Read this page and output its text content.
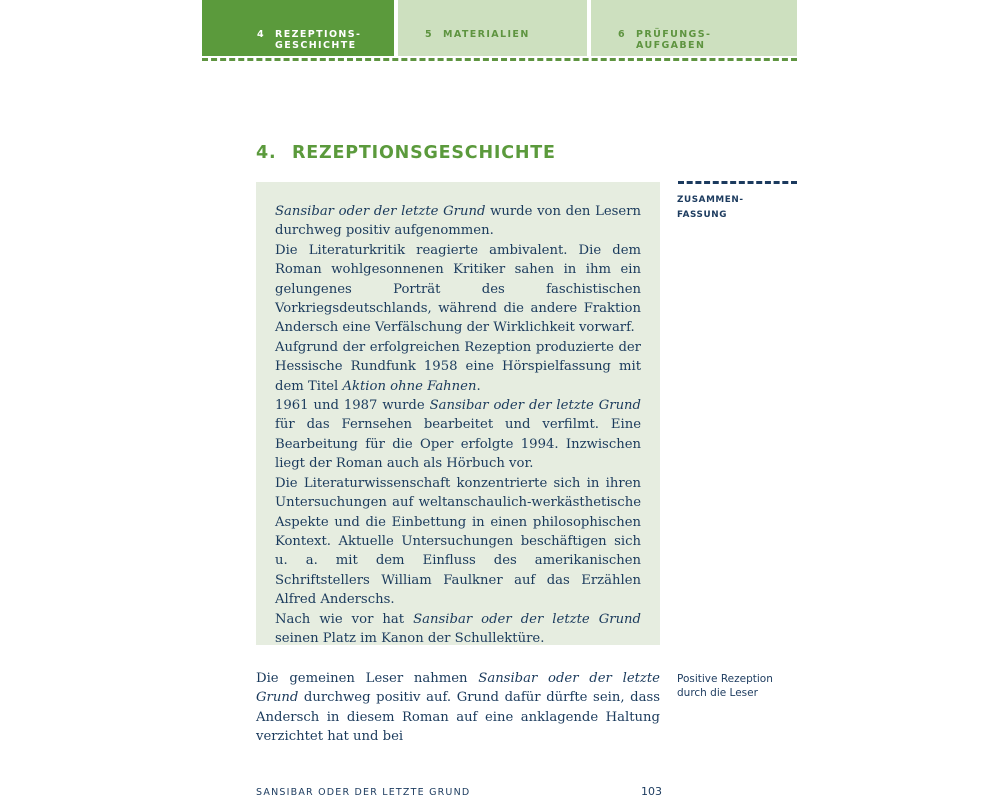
4 REZEPTIONS-
GESCHICHTE
5 MATERIALIEN	6 PRÜFUNGS-
AUFGABEN
4. REZEPTIONSGESCHICHTE

Sansibar oder der letzte Grund wurde von den Lesern durchweg positiv aufgenommen.

Die Literaturkritik reagierte ambivalent. Die dem Roman wohlgesonnenen Kritiker sahen in ihm ein gelungenes Porträt des faschistischen Vorkriegsdeutschlands, während die andere Fraktion Andersch eine Verfälschung der Wirklichkeit vorwarf.

Aufgrund der erfolgreichen Rezeption produzierte der Hessische Rundfunk 1958 eine Hörspielfassung mit dem Titel Aktion ohne Fahnen.

1961 und 1987 wurde Sansibar oder der letzte Grund für das Fernsehen bearbeitet und verfilmt. Eine Bearbeitung für die Oper erfolgte 1994. Inzwischen liegt der Roman auch als Hörbuch vor.

Die Literaturwissenschaft konzentrierte sich in ihren Untersuchungen auf weltanschaulich-werkästhetische Aspekte und die Einbettung in einen philosophischen Kontext. Aktuelle Untersuchungen beschäftigen sich u. a. mit dem Einfluss des amerikanischen Schriftstellers William Faulkner auf das Erzählen Alfred Anderschs.

Nach wie vor hat Sansibar oder der letzte Grund seinen Platz im Kanon der Schullektüre.

ZUSAMMEN-
FASSUNG

Die gemeinen Leser nahmen Sansibar oder der letzte Grund durchweg positiv auf. Grund dafür dürfte sein, dass Andersch in diesem Roman auf eine anklagende Haltung verzichtet hat und bei

Positive Rezeption
durch die Leser
SANSIBAR ODER DER LETZTE GRUND	103
